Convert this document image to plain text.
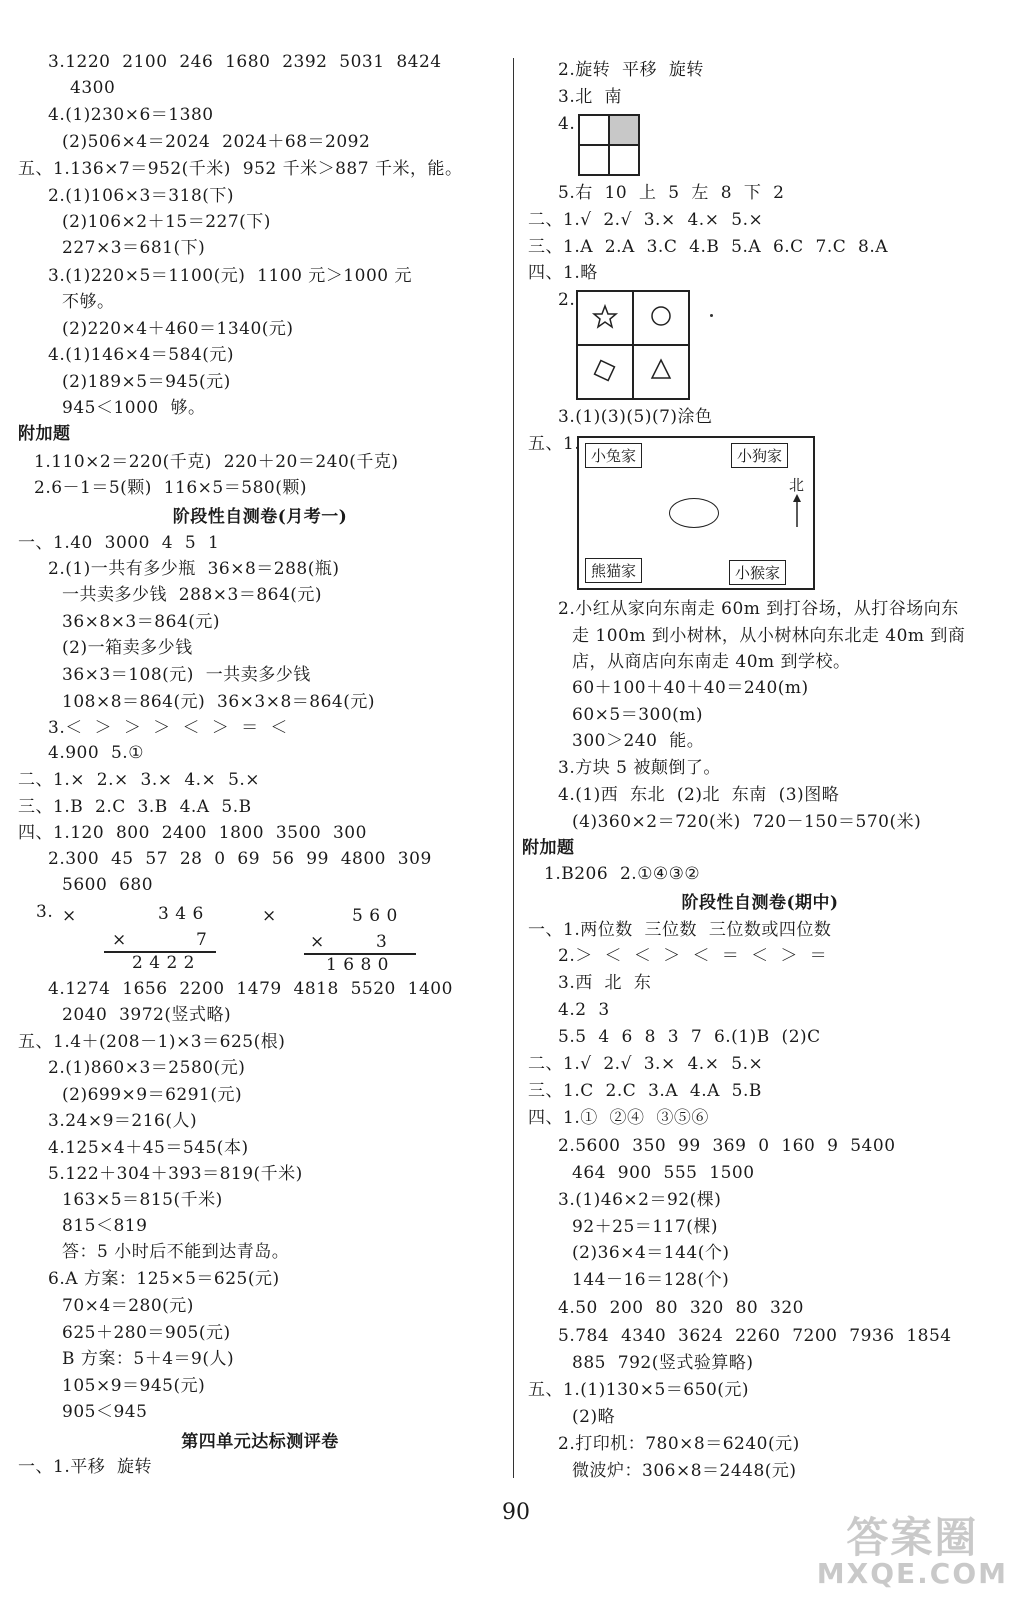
3.1220  2100  246  1680  2392  5031  8424
4300
4.(1)230×6＝1380
(2)506×4＝2024  2024＋68＝2092
五、1.136×7＝952(千米)  952 千米＞887 千米，能。
2.(1)106×3＝318(下)
(2)106×2＋15＝227(下)
227×3＝681(下)
3.(1)220×5＝1100(元)  1100 元＞1000 元
不够。
(2)220×4＋460＝1340(元)
4.(1)146×4＝584(元)
(2)189×5＝945(元)
945＜1000  够。
附加题
1.110×2＝220(千克)  220＋20＝240(千克)
2.6－1＝5(颗)  116×5＝580(颗)
阶段性自测卷(月考一)
一、1.40  3000  4  5  1
2.(1)一共有多少瓶  36×8＝288(瓶)
一共卖多少钱  288×3＝864(元)
36×8×3＝864(元)
(2)一箱卖多少钱
36×3＝108(元)  一共卖多少钱
108×8＝864(元)  36×3×8＝864(元)
3.＜  ＞  ＞  ＞  ＜  ＞  ＝  ＜
4.900  5.①
二、1.×  2.×  3.×  4.×  5.×
三、1.B  2.C  3.B  4.A  5.B
四、1.120  800  2400  1800  3500  300
2.300  45  57  28  0  69  56  99  4800  309
5600  680
4.1274  1656  2200  1479  4818  5520  1400
2040  3972(竖式略)
五、1.4＋(208－1)×3＝625(根)
2.(1)860×3＝2580(元)
(2)699×9＝6291(元)
3.24×9＝216(人)
4.125×4＋45＝545(本)
5.122＋304＋393＝819(千米)
163×5＝815(千米)
815＜819
答：5 小时后不能到达青岛。
6.A 方案：125×5＝625(元)
70×4＝280(元)
625＋280＝905(元)
B 方案：5＋4＝9(人)
105×9＝945(元)
905＜945
第四单元达标测评卷
一、1.平移  旋转
2.旋转  平移  旋转
3.北  南
4.
5.右  10  上  5  左  8  下  2
二、1.√  2.√  3.×  4.×  5.×
三、1.A  2.A  3.C  4.B  5.A  6.C  7.C  8.A
四、1.略
2.
3.(1)(3)(5)(7)涂色
五、1.
2.小红从家向东南走 60m 到打谷场，从打谷场向东
走 100m 到小树林，从小树林向东北走 40m 到商
店，从商店向东南走 40m 到学校。
60＋100＋40＋40＝240(m)
60×5＝300(m)
300＞240  能。
3.方块 5 被颠倒了。
4.(1)西  东北  (2)北  东南  (3)图略
(4)360×2＝720(米)  720－150＝570(米)
附加题
1.B206  2.①④③②
阶段性自测卷(期中)
一、1.两位数  三位数  三位数或四位数
2.＞  ＜  ＜  ＞  ＜  ＝  ＜  ＞  ＝
3.西  北  东
4.2  3
5.5  4  6  8  3  7  6.(1)B  (2)C
二、1.√  2.√  3.×  4.×  5.×
三、1.C  2.C  3.A  4.A  5.B
四、1.①  ②④  ③⑤⑥
2.5600  350  99  369  0  160  9  5400
464  900  555  1500
3.(1)46×2＝92(棵)
92＋25＝117(棵)
(2)36×4＝144(个)
144－16＝128(个)
4.50  200  80  320  80  320
5.784  4340  3624  2260  7200  7936  1854
885  792(竖式验算略)
五、1.(1)130×5＝650(元)
(2)略
2.打印机：780×8＝6240(元)
微波炉：306×8＝2448(元)
3. ×	3 4 6
×	7
2 4 2 2
×	5 6 0
×	3
1 6 8 0
小兔家	小狗家
熊猫家	小猴家
北
90
答案圈
MXQE.COM
